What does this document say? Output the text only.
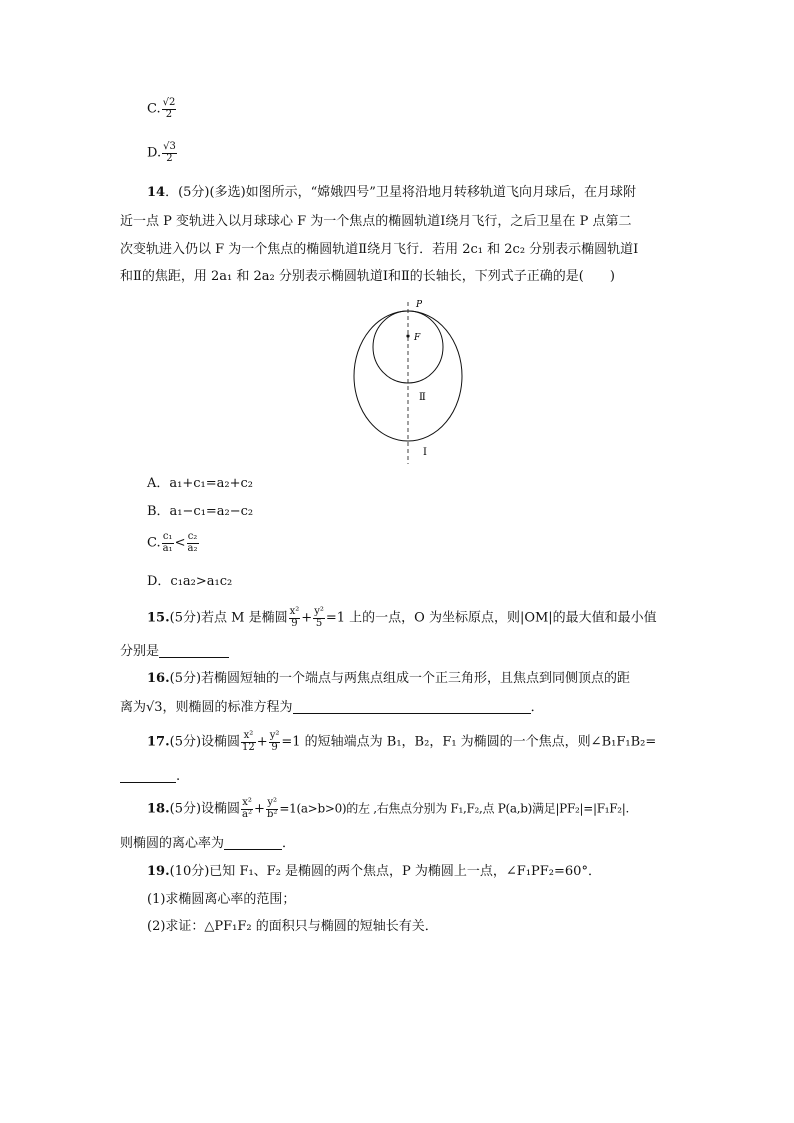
C. $\frac{√2}{2}$
D. $\frac{√3}{2}$
14．(5分)(多选)如图所示，“嫦娥四号”卫星将沿地月转移轨道飞向月球后，在月球附
近一点 P 变轨进入以月球球心 F 为一个焦点的椭圆轨道Ⅰ绕月飞行，之后卫星在 P 点第二
次变轨进入仍以 F 为一个焦点的椭圆轨道Ⅱ绕月飞行．若用 2c₁ 和 2c₂ 分别表示椭圆轨道Ⅰ
和Ⅱ的焦距，用 2a₁ 和 2a₂ 分别表示椭圆轨道Ⅰ和Ⅱ的长轴长，下列式子正确的是(　　)
P
F
Ⅱ
Ⅰ
A．a₁+c₁=a₂+c₂
B．a₁−c₁=a₂−c₂
C. $\frac{\text{c₁}}{\text{a₁}} < \frac{\text{c₂}}{\text{a₂}}$
D．c₁a₂>a₁c₂
15.(5分)若点 M 是椭圆 $\frac{\text{x²}}{9} + \frac{\text{y²}}{5} =1$ 上的一点，O 为坐标原点，则|OM|的最大值和最小值
分别是
16.(5分)若椭圆短轴的一个端点与两焦点组成一个正三角形，且焦点到同侧顶点的距
离为√3，则椭圆的标准方程为	．
17.(5分)设椭圆 $\frac{\text{x²}}{12} + \frac{\text{y²}}{9} =1$ 的短轴端点为 B₁，B₂，F₁ 为椭圆的一个焦点，则∠B₁F₁B₂=
.
18.(5分)设椭圆 $\frac{\text{x²}}{\text{a²}} + \frac{\text{y²}}{\text{b²}} =1(a>b>0)$的左 ,右焦点分别为 F₁,F₂,点 P(a,b)满足|PF₂|=|F₁F₂|.
则椭圆的离心率为	．
19.(10分)已知 F₁、F₂ 是椭圆的两个焦点，P 为椭圆上一点，∠F₁PF₂=60°．
(1)求椭圆离心率的范围；
(2)求证：△PF₁F₂ 的面积只与椭圆的短轴长有关．
